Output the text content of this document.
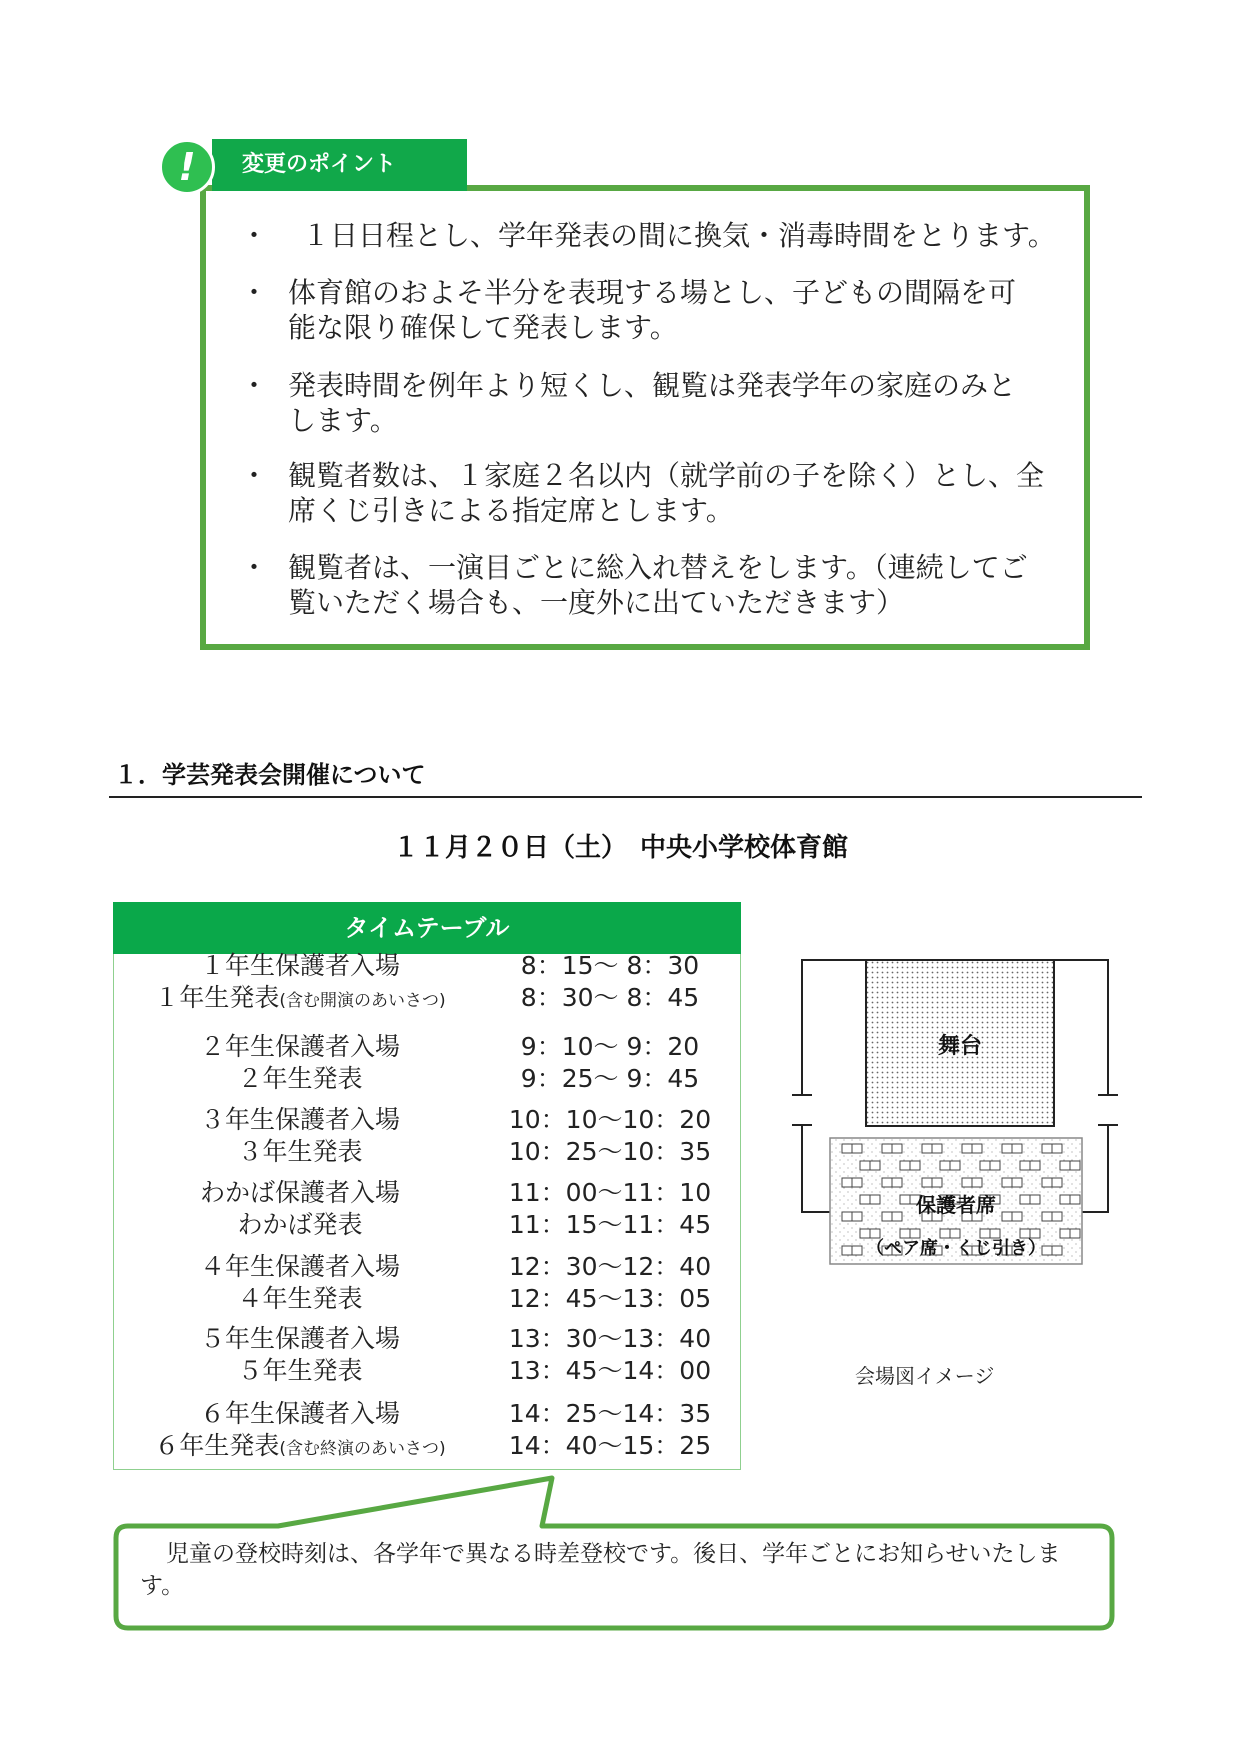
!	変更のポイント
・ １日日程とし、学年発表の間に換気・消毒時間をとります。
・ 体育館のおよそ半分を表現する場とし、子どもの間隔を可
能な限り確保して発表します。
・ 発表時間を例年より短くし、観覧は発表学年の家庭のみと
します。
・ 観覧者数は、１家庭２名以内（就学前の子を除く）とし、全
席くじ引きによる指定席とします。
・ 観覧者は、一演目ごとに総入れ替えをします。（連続してご
覧いただく場合も、一度外に出ていただきます）
１．学芸発表会開催について
１１月２０日（土）　中央小学校体育館
タイムテーブル
１年生保護者入場	8：15～ 8：30
１年生発表(含む開演のあいさつ)	8：30～ 8：45
２年生保護者入場	9：10～ 9：20
２年生発表	9：25～ 9：45
３年生保護者入場	10：10～10：20
３年生発表	10：25～10：35
わかば保護者入場	11：00～11：10
わかば発表	11：15～11：45
４年生保護者入場	12：30～12：40
４年生発表	12：45～13：05
５年生保護者入場	13：30～13：40
５年生発表	13：45～14：00
６年生保護者入場	14：25～14：35
６年生発表(含む終演のあいさつ)	14：40～15：25
舞台
保護者席
（ペア席・くじ引き）
会場図イメージ
児童の登校時刻は、各学年で異なる時差登校です。後日、学年ごとにお知らせいたします。
